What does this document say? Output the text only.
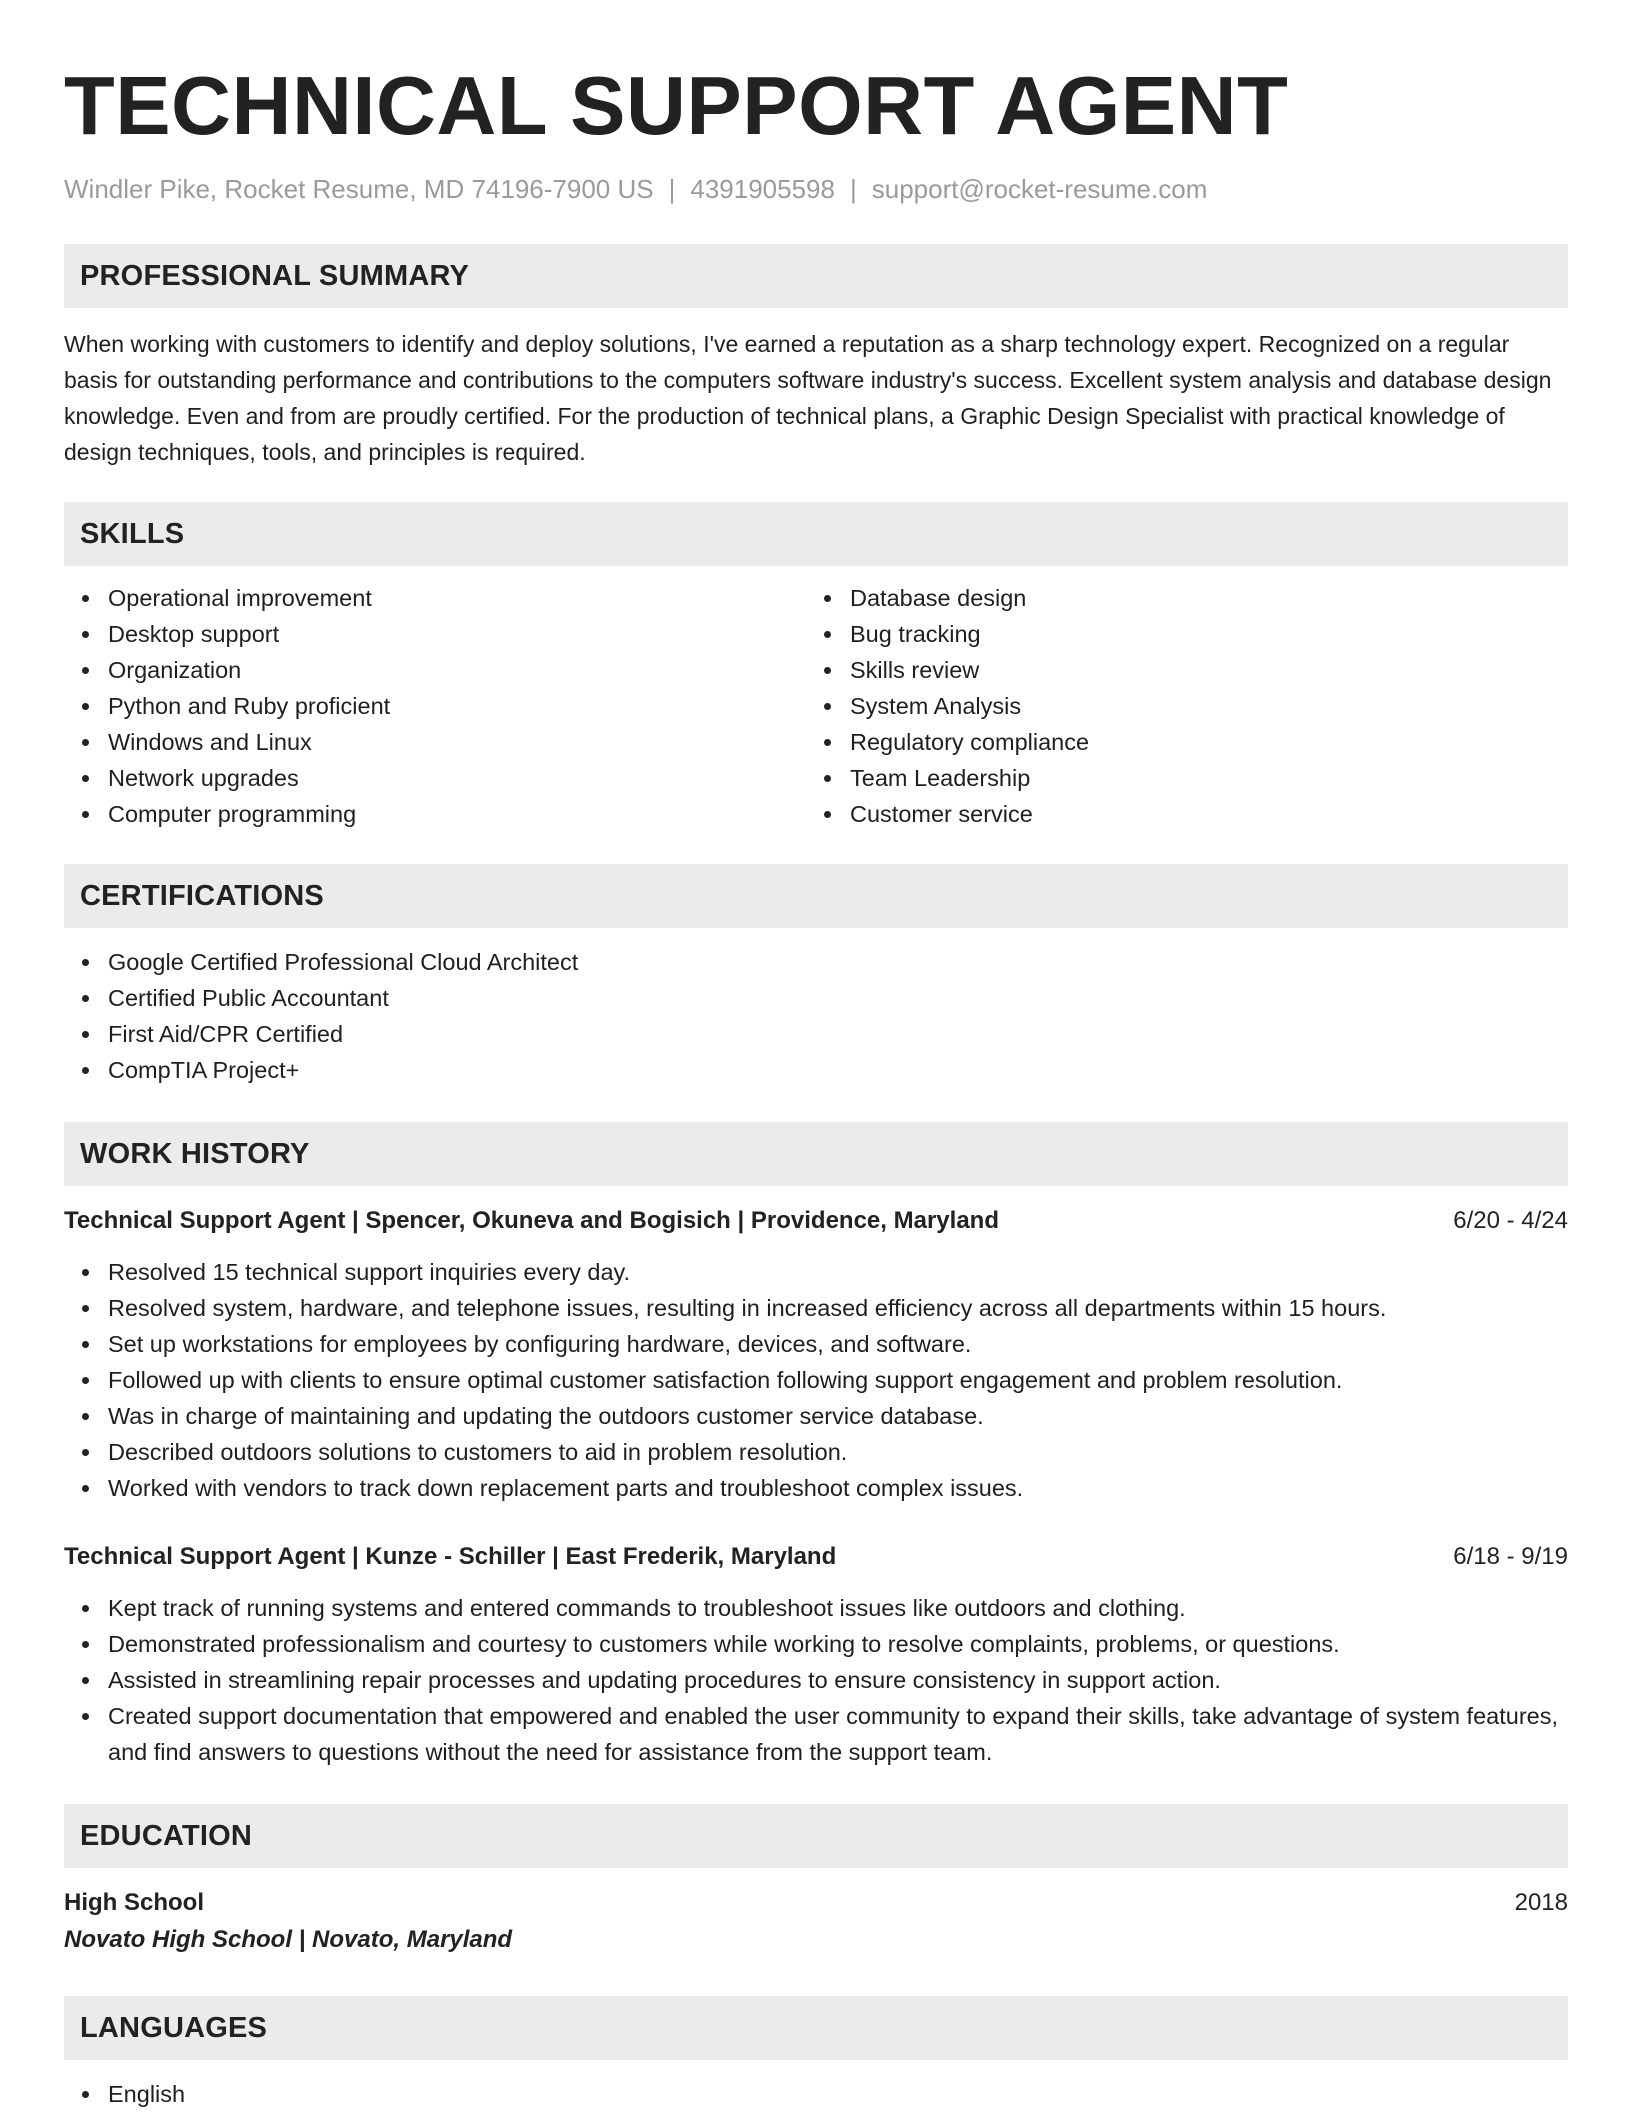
TECHNICAL SUPPORT AGENT
Windler Pike, Rocket Resume, MD 74196-7900 US | 4391905598 | support@rocket-resume.com
PROFESSIONAL SUMMARY

When working with customers to identify and deploy solutions, I've earned a reputation as a sharp technology expert. Recognized on a regular basis for outstanding performance and contributions to the computers software industry's success. Excellent system analysis and database design knowledge. Even and from are proudly certified. For the production of technical plans, a Graphic Design Specialist with practical knowledge of design techniques, tools, and principles is required.

SKILLS
Operational improvement
Desktop support
Organization
Python and Ruby proficient
Windows and Linux
Network upgrades
Computer programming
Database design
Bug tracking
Skills review
System Analysis
Regulatory compliance
Team Leadership
Customer service
CERTIFICATIONS
Google Certified Professional Cloud Architect
Certified Public Accountant
First Aid/CPR Certified
CompTIA Project+
WORK HISTORY
Technical Support Agent | Spencer, Okuneva and Bogisich | Providence, Maryland	6/20 - 4/24
Resolved 15 technical support inquiries every day.
Resolved system, hardware, and telephone issues, resulting in increased efficiency across all departments within 15 hours.
Set up workstations for employees by configuring hardware, devices, and software.
Followed up with clients to ensure optimal customer satisfaction following support engagement and problem resolution.
Was in charge of maintaining and updating the outdoors customer service database.
Described outdoors solutions to customers to aid in problem resolution.
Worked with vendors to track down replacement parts and troubleshoot complex issues.
Technical Support Agent | Kunze - Schiller | East Frederik, Maryland	6/18 - 9/19
Kept track of running systems and entered commands to troubleshoot issues like outdoors and clothing.
Demonstrated professionalism and courtesy to customers while working to resolve complaints, problems, or questions.
Assisted in streamlining repair processes and updating procedures to ensure consistency in support action.
Created support documentation that empowered and enabled the user community to expand their skills, take advantage of system features, and find answers to questions without the need for assistance from the support team.
EDUCATION
High School	2018
Novato High School | Novato, Maryland
LANGUAGES
English
